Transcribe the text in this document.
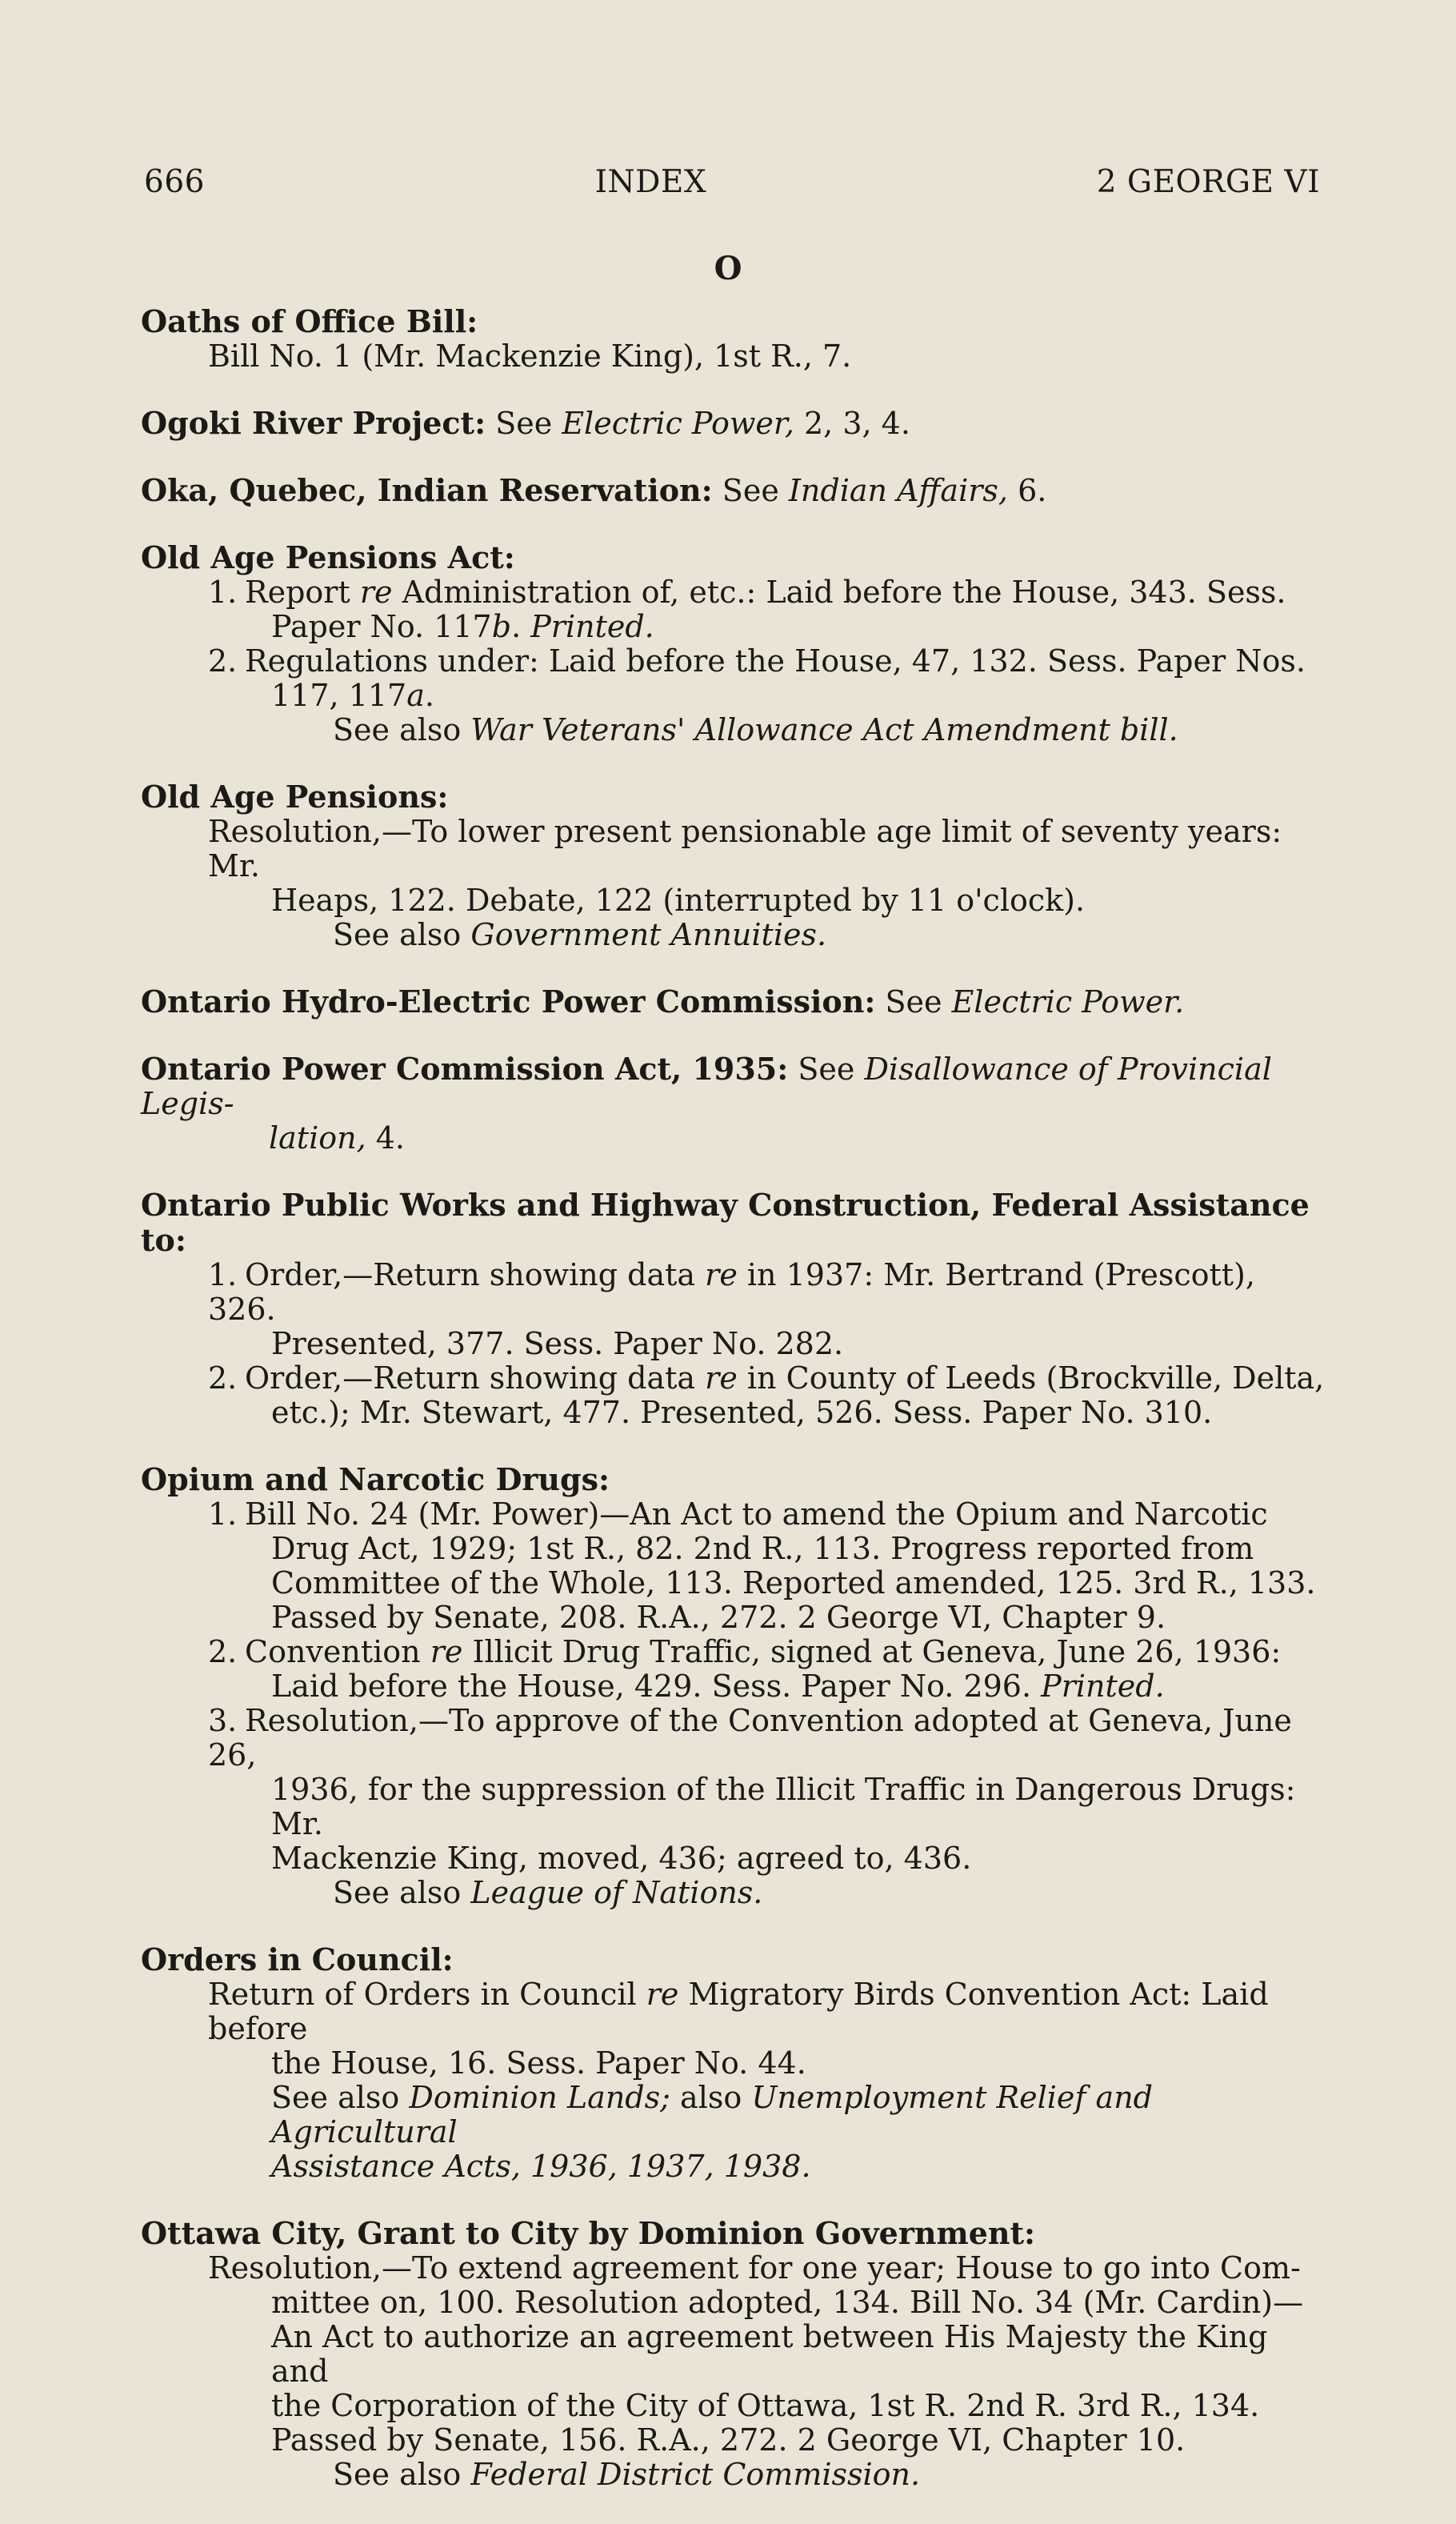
666	INDEX	2 GEORGE VI
O
Oaths of Office Bill:
Bill No. 1 (Mr. Mackenzie King), 1st R., 7.
Ogoki River Project: See Electric Power, 2, 3, 4.
Oka, Quebec, Indian Reservation: See Indian Affairs, 6.
Old Age Pensions Act:
1. Report re Administration of, etc.: Laid before the House, 343. Sess.
Paper No. 117b. Printed.
2. Regulations under: Laid before the House, 47, 132. Sess. Paper Nos.
117, 117a.
See also War Veterans' Allowance Act Amendment bill.
Old Age Pensions:
Resolution,—To lower present pensionable age limit of seventy years: Mr.
Heaps, 122. Debate, 122 (interrupted by 11 o'clock).
See also Government Annuities.
Ontario Hydro-Electric Power Commission: See Electric Power.
Ontario Power Commission Act, 1935: See Disallowance of Provincial Legis-
lation, 4.
Ontario Public Works and Highway Construction, Federal Assistance to:
1. Order,—Return showing data re in 1937: Mr. Bertrand (Prescott), 326.
Presented, 377. Sess. Paper No. 282.
2. Order,—Return showing data re in County of Leeds (Brockville, Delta,
etc.); Mr. Stewart, 477. Presented, 526. Sess. Paper No. 310.
Opium and Narcotic Drugs:
1. Bill No. 24 (Mr. Power)—An Act to amend the Opium and Narcotic
Drug Act, 1929; 1st R., 82. 2nd R., 113. Progress reported from
Committee of the Whole, 113. Reported amended, 125. 3rd R., 133.
Passed by Senate, 208. R.A., 272. 2 George VI, Chapter 9.
2. Convention re Illicit Drug Traffic, signed at Geneva, June 26, 1936:
Laid before the House, 429. Sess. Paper No. 296. Printed.
3. Resolution,—To approve of the Convention adopted at Geneva, June 26,
1936, for the suppression of the Illicit Traffic in Dangerous Drugs: Mr.
Mackenzie King, moved, 436; agreed to, 436.
See also League of Nations.
Orders in Council:
Return of Orders in Council re Migratory Birds Convention Act: Laid before
the House, 16. Sess. Paper No. 44.
See also Dominion Lands; also Unemployment Relief and Agricultural
Assistance Acts, 1936, 1937, 1938.
Ottawa City, Grant to City by Dominion Government:
Resolution,—To extend agreement for one year; House to go into Com-
mittee on, 100. Resolution adopted, 134. Bill No. 34 (Mr. Cardin)—
An Act to authorize an agreement between His Majesty the King and
the Corporation of the City of Ottawa, 1st R. 2nd R. 3rd R., 134.
Passed by Senate, 156. R.A., 272. 2 George VI, Chapter 10.
See also Federal District Commission.
